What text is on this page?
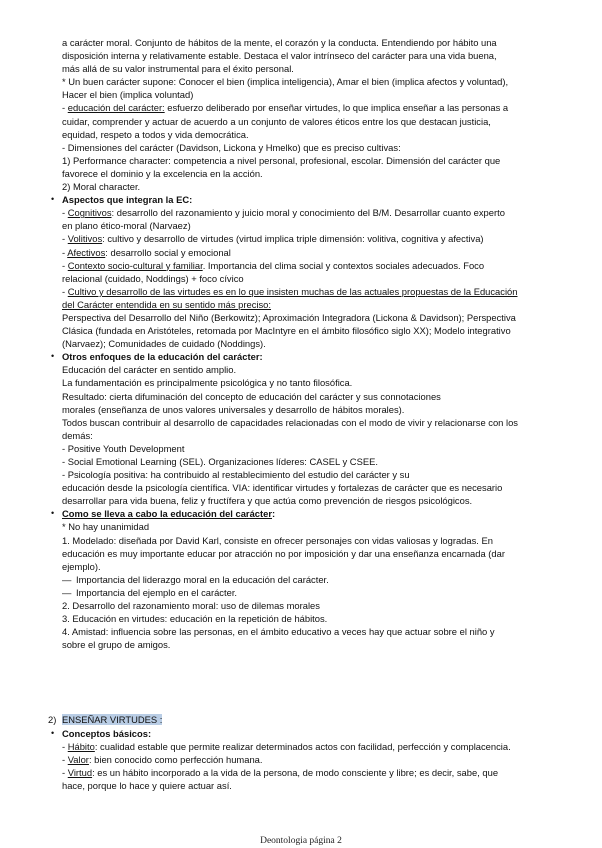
a carácter moral. Conjunto de hábitos de la mente, el corazón y la conducta. Entendiendo por hábito una
disposición interna y relativamente estable. Destaca el valor intrínseco del carácter para una vida buena,
más allá de su valor instrumental para el éxito personal.
* Un buen carácter supone: Conocer el bien (implica inteligencia), Amar el bien (implica afectos y voluntad),
Hacer el bien (implica voluntad)
- educación del carácter: esfuerzo deliberado por enseñar virtudes, lo que implica enseñar a las personas a
cuidar, comprender y actuar de acuerdo a un conjunto de valores éticos entre los que destacan justicia,
equidad, respeto a todos y vida democrática.
- Dimensiones del carácter (Davidson, Lickona y Hmelko) que es preciso cultivas:
1) Performance character: competencia a nivel personal, profesional, escolar. Dimensión del carácter que
favorece el dominio y la excelencia en la acción.
2) Moral character.
• Aspectos que integran la EC:
- Cognitivos: desarrollo del razonamiento y juicio moral y conocimiento del B/M. Desarrollar cuanto experto
en plano ético-moral (Narvaez)
- Volitivos: cultivo y desarrollo de virtudes (virtud implica triple dimensión: volitiva, cognitiva y afectiva)
- Afectivos: desarrollo social y emocional
- Contexto socio-cultural y familiar. Importancia del clima social y contextos sociales adecuados. Foco
relacional (cuidado, Noddings) + foco cívico
- Cultivo y desarrollo de las virtudes es en lo que insisten muchas de las actuales propuestas de la Educación
del Carácter entendida en su sentido más preciso:
Perspectiva del Desarrollo del Niño (Berkowitz); Aproximación Integradora (Lickona & Davidson); Perspectiva
Clásica (fundada en Aristóteles, retomada por MacIntyre en el ámbito filosófico siglo XX); Modelo integrativo
(Narvaez); Comunidades de cuidado (Noddings).
• Otros enfoques de la educación del carácter:
Educación del carácter en sentido amplio.
La fundamentación es principalmente psicológica y no tanto filosófica.
Resultado: cierta difuminación del concepto de educación del carácter y sus connotaciones
morales (enseñanza de unos valores universales y desarrollo de hábitos morales).
Todos buscan contribuir al desarrollo de capacidades relacionadas con el modo de vivir y relacionarse con los
demás:
- Positive Youth Development
- Social Emotional Learning (SEL). Organizaciones líderes: CASEL y CSEE.
- Psicología positiva: ha contribuido al restablecimiento del estudio del carácter y su
educación desde la psicología científica. VIA: identificar virtudes y fortalezas de carácter que es necesario
desarrollar para vida buena, feliz y fructífera y que actúa como prevención de riesgos psicológicos.
• Como se lleva a cabo la educación del carácter:
* No hay unanimidad
1. Modelado: diseñada por David Karl, consiste en ofrecer personajes con vidas valiosas y logradas. En
educación es muy importante educar por atracción no por imposición y dar una enseñanza encarnada (dar
ejemplo).
— Importancia del liderazgo moral en la educación del carácter.
— Importancia del ejemplo en el carácter.
2. Desarrollo del razonamiento moral: uso de dilemas morales
3. Educación en virtudes: educación en la repetición de hábitos.
4. Amistad: influencia sobre las personas, en el ámbito educativo a veces hay que actuar sobre el niño y
sobre el grupo de amigos.
2) ENSEÑAR VIRTUDES :
• Conceptos básicos:
- Hábito: cualidad estable que permite realizar determinados actos con facilidad, perfección y complacencia.
- Valor: bien conocido como perfección humana.
- Virtud: es un hábito incorporado a la vida de la persona, de modo consciente y libre; es decir, sabe, que
hace, porque lo hace y quiere actuar así.
Deontologia página 2
